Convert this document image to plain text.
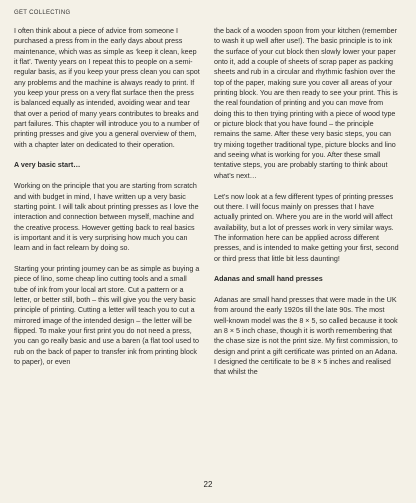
GET COLLECTING

I often think about a piece of advice from someone I purchased a press from in the early days about press maintenance, which was as simple as ‘keep it clean, keep it flat’. Twenty years on I repeat this to people on a semi-regular basis, as if you keep your press clean you can spot any problems and the machine is always ready to print. If you keep your press on a very flat surface then the press is balanced equally as intended, avoiding wear and tear that over a period of many years contributes to breaks and part failures. This chapter will introduce you to a number of printing presses and give you a general overview of them, with a chapter later on dedicated to their operation.

A very basic start…

Working on the principle that you are starting from scratch and with budget in mind, I have written up a very basic starting point. I will talk about printing presses as I love the interaction and connection between myself, machine and the creative process. However getting back to real basics is important and it is very surprising how much you can learn and in fact relearn by doing so.

Starting your printing journey can be as simple as buying a piece of lino, some cheap lino cutting tools and a small tube of ink from your local art store. Cut a pattern or a letter, or better still, both – this will give you the very basic principle of printing. Cutting a letter will teach you to cut a mirrored image of the intended design – the letter will be flipped. To make your first print you do not need a press, you can go really basic and use a baren (a flat tool used to rub on the back of paper to transfer ink from printing block to paper), or even

the back of a wooden spoon from your kitchen (remember to wash it up well after use!). The basic principle is to ink the surface of your cut block then slowly lower your paper onto it, add a couple of sheets of scrap paper as packing sheets and rub in a circular and rhythmic fashion over the top of the paper, making sure you cover all areas of your printing block. You are then ready to see your print. This is the real foundation of printing and you can move from doing this to then trying printing with a piece of wood type or picture block that you have found – the principle remains the same. After these very basic steps, you can try mixing together traditional type, picture blocks and lino and seeing what is working for you. After these small tentative steps, you are probably starting to think about what’s next…

Let’s now look at a few different types of printing presses out there. I will focus mainly on presses that I have actually printed on. Where you are in the world will affect availability, but a lot of presses work in very similar ways. The information here can be applied across different presses, and is intended to make getting your first, second or third press that little bit less daunting!

Adanas and small hand presses

Adanas are small hand presses that were made in the UK from around the early 1920s till the late 90s. The most well-known model was the 8 × 5, so called because it took an 8 × 5 inch chase, though it is worth remembering that the chase size is not the print size. My first commission, to design and print a gift certificate was printed on an Adana. I designed the certificate to be 8 × 5 inches and realised that whilst the

22
